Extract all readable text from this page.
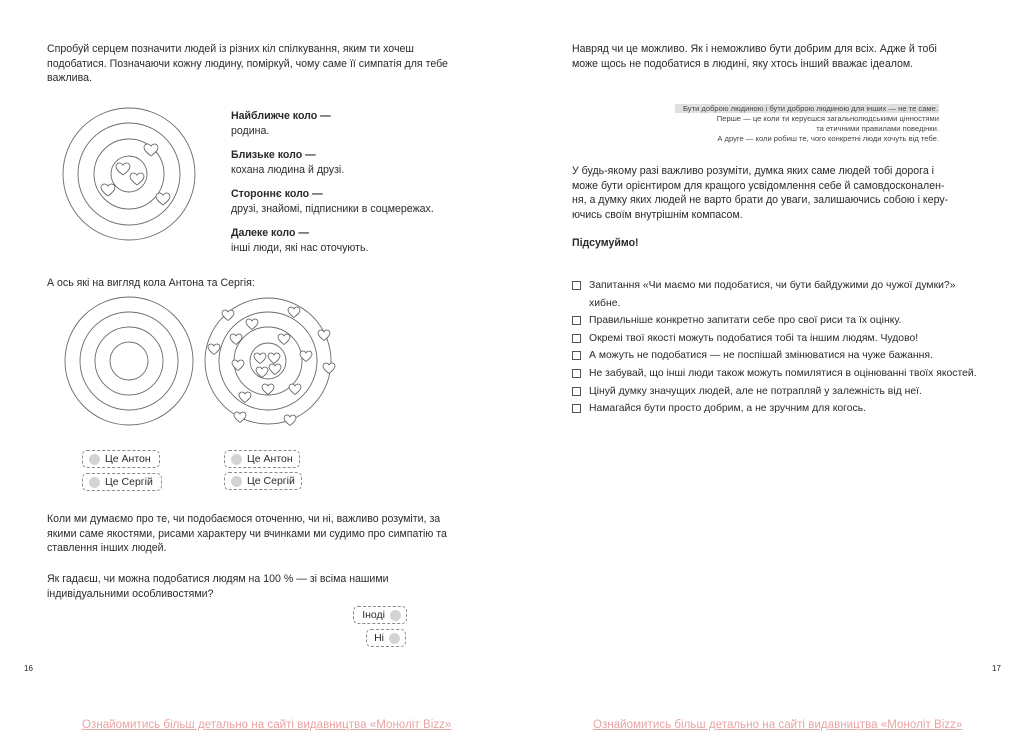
Спробуй серцем позначити людей із різних кіл спілкування, яким ти хочеш
подобатися. Позначаючи кожну людину, поміркуй, чому саме її симпатія для тебе
важлива.
Найближче коло —
родина.
Близьке коло —
кохана людина й друзі.
Стороннє коло —
друзі, знайомі, підписники в соцмережах.
Далеке коло —
інші люди, які нас оточують.
А ось які на вигляд кола Антона та Сергія:
Це Антон
Це Сергій
Це Антон
Це Сергій
Коли ми думаємо про те, чи подобаємося оточенню, чи ні, важливо розуміти, за
якими саме якостями, рисами характеру чи вчинками ми судимо про симпатію та
ставлення інших людей.
Як гадаєш, чи можна подобатися людям на 100 % — зі всіма нашими
індивідуальними особливостями?
Іноді
Ні
16
Ознайомитись більш детально на сайті видавництва «Моноліт Bizz»
Навряд чи це можливо. Як і неможливо бути добрим для всіх. Адже й тобі
може щось не подобатися в людині, яку хтось інший вважає ідеалом.
Бути доброю людиною і бути доброю людиною для інших — не те саме.
Перше — це коли ти керуєшся загальнолюдськими цінностями
та етичними правилами поведінки.
А друге — коли робиш те, чого конкретні люди хочуть від тебе.
У будь-якому разі важливо розуміти, думка яких саме людей тобі дорога і
може бути орієнтиром для кращого усвідомлення себе й самовдосконален-
ня, а думку яких людей не варто брати до уваги, залишаючись собою і керу-
ючись своїм внутрішнім компасом.
Підсумуймо!
Запитання «Чи маємо ми подобатися, чи бути байдужими до чужої думки?»
хибне.
Правильніше конкретно запитати себе про свої риси та їх оцінку.
Окремі твої якості можуть подобатися тобі та іншим людям. Чудово!
А можуть не подобатися — не поспішай змінюватися на чуже бажання.
Не забувай, що інші люди також можуть помилятися в оцінюванні твоїх якостей.
Цінуй думку значущих людей, але не потрапляй у залежність від неї.
Намагайся бути просто добрим, а не зручним для когось.
17
Ознайомитись більш детально на сайті видавництва «Моноліт Bizz»
